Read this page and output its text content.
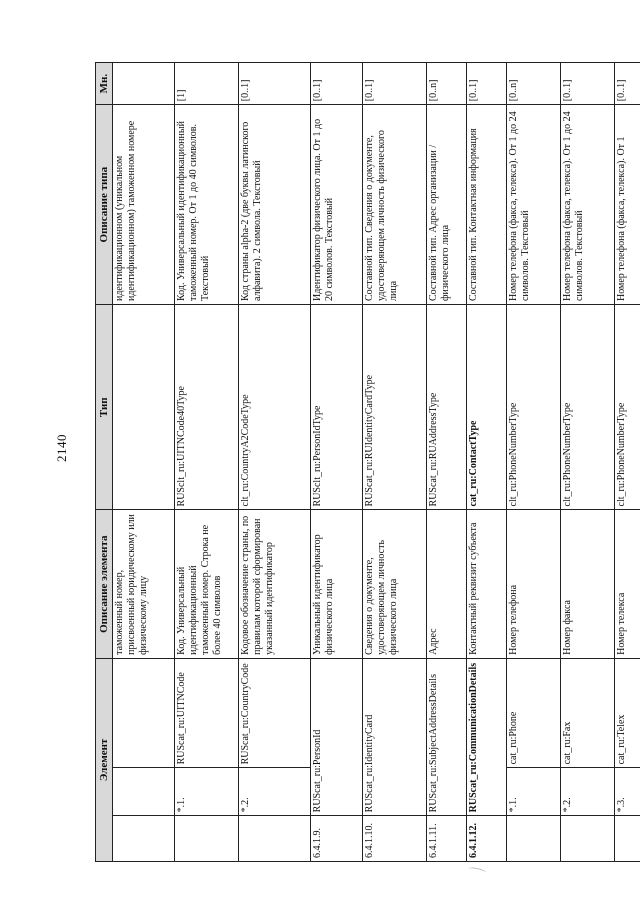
2140
Элемент			Описание элемента	Тип	Описание типа	Мн.
			таможенный номер, присвоенный юридическому или физическому лицу		идентификационном (уникальном идентификационном) таможенном номере	
	*.1.	RUScat_ru:UITNCode	Код. Универсальный идентификационный таможенный номер. Строка не более 40 символов	RUSclt_ru:UITNCode40Type	Код. Универсальный идентификационный таможенный номер. От 1 до 40 символов. Текстовый	[1]
	*.2.	RUScat_ru:CountryCode	Кодовое обозначение страны, по правилам которой сформирован указанный идентификатор	clt_ru:CountryA2CodeType	Код страны alpha-2 (две буквы латинского алфавита). 2 символа. Текстовый	[0..1]
6.4.1.9.	RUScat_ru:PersonId		Уникальный идентификатор физического лица	RUSclt_ru:PersonIdType	Идентификатор физического лица. От 1 до 20 символов. Текстовый	[0..1]
6.4.1.10.	RUScat_ru:IdentityCard		Сведения о документе, удостоверяющем личность физического лица	RUScat_ru:RUIdentityCardType	Составной тип. Сведения о документе, удостоверяющем личность физического лица	[0..1]
6.4.1.11.	RUScat_ru:SubjectAddressDetails		Адрес	RUScat_ru:RUAddressType	Составной тип. Адрес организации / физического лица	[0..n]
6.4.1.12.	RUScat_ru:CommunicationDetails		Контактный реквизит субъекта	cat_ru:ContactType	Составной тип. Контактная информация	[0..1]
	*.1.	cat_ru:Phone	Номер телефона	clt_ru:PhoneNumberType	Номер телефона (факса, телекса). От 1 до 24 символов. Текстовый	[0..n]
	*.2.	cat_ru:Fax	Номер факса	clt_ru:PhoneNumberType	Номер телефона (факса, телекса). От 1 до 24 символов. Текстовый	[0..1]
	*.3.	cat_ru:Telex	Номер телекса	clt_ru:PhoneNumberType	Номер телефона (факса, телекса). От 1	[0..1]
